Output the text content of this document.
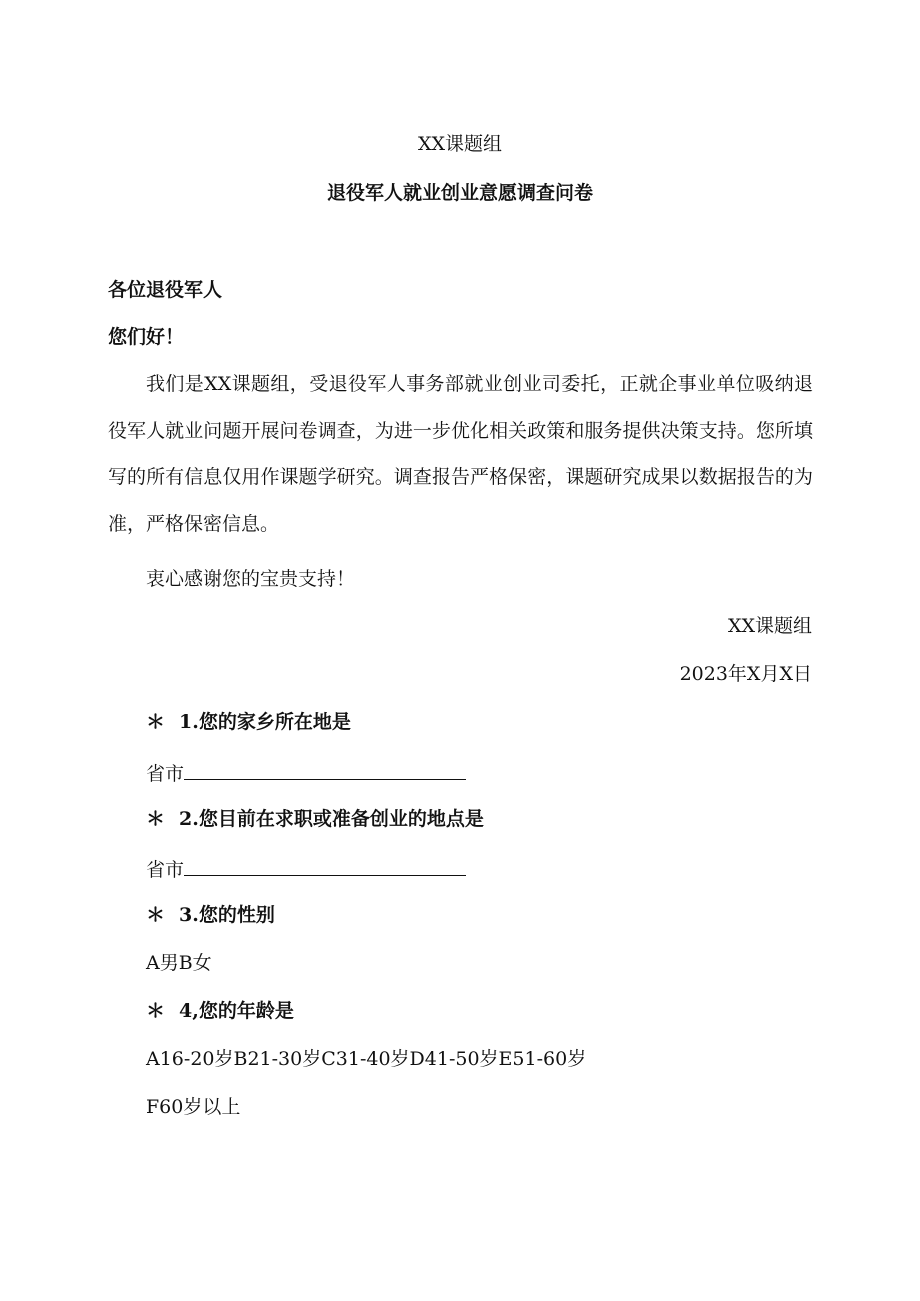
XX课题组
退役军人就业创业意愿调查问卷
各位退役军人
您们好！

我们是XX课题组，受退役军人事务部就业创业司委托，正就企事业单位吸纳退役军人就业问题开展问卷调查，为进一步优化相关政策和服务提供决策支持。您所填写的所有信息仅用作课题学研究。调查报告严格保密，课题研究成果以数据报告的为准，严格保密信息。

衷心感谢您的宝贵支持！
XX课题组
2023年X月X日
＊ 1.您的家乡所在地是
省市
＊ 2.您目前在求职或准备创业的地点是
省市
＊ 3.您的性别
A男B女
＊ 4,您的年龄是
A16-20岁B21-30岁C31-40岁D41-50岁E51-60岁
F60岁以上
